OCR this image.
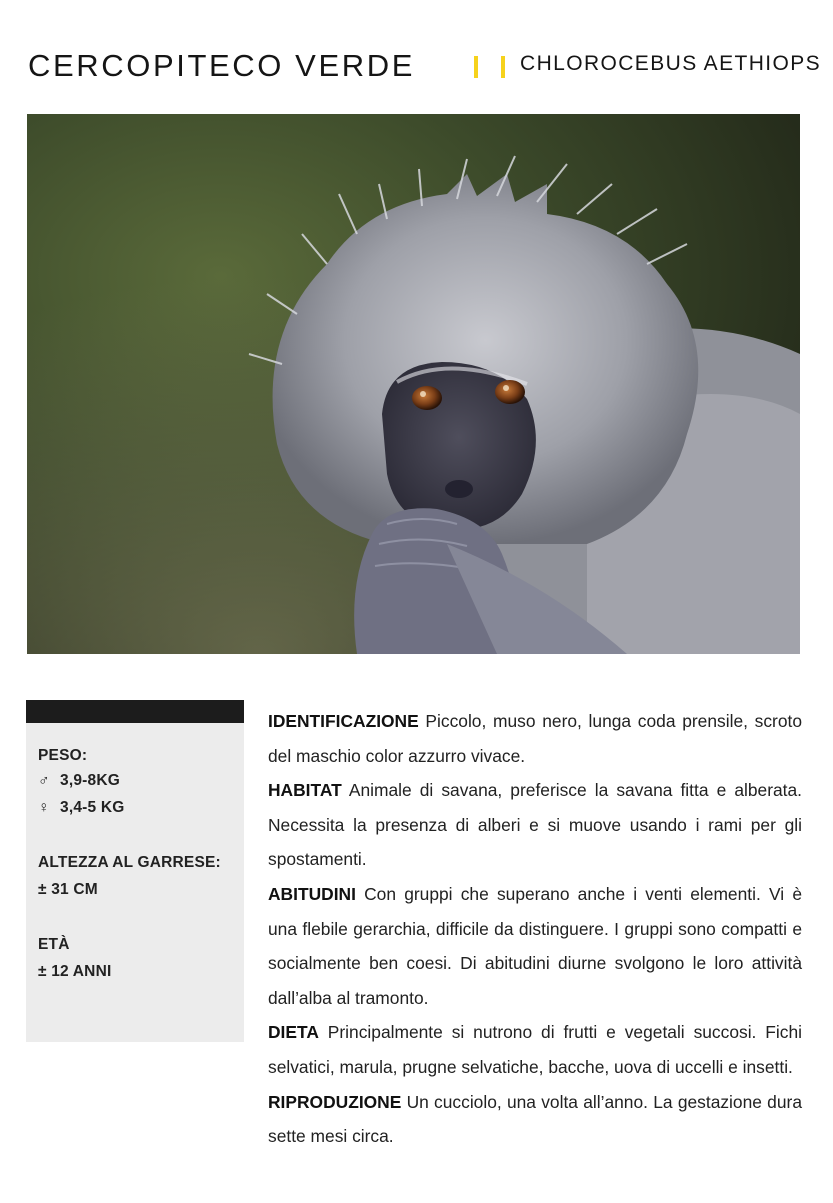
CERCOPITECO VERDE	CHLOROCEBUS AETHIOPS
PESO:
♂ 3,9-8KG
♀ 3,4-5 KG
ALTEZZA AL GARRESE:
± 31 CM
ETÀ
± 12 ANNI

IDENTIFICAZIONE Piccolo, muso nero, lunga coda prensile, scroto del maschio color azzurro vivace.

HABITAT Animale di savana, preferisce la savana fitta e alberata. Necessita la presenza di alberi e si muove usando i rami per gli spostamenti.

ABITUDINI Con gruppi che superano anche i venti elementi. Vi è una flebile gerarchia, difficile da distinguere. I gruppi sono compatti e socialmente ben coesi. Di abitudini diurne svolgono le loro attività dall’alba al tramonto.

DIETA Principalmente si nutrono di frutti e vegetali succosi. Fichi selvatici, marula, prugne selvatiche, bacche, uova di uccelli e insetti.

RIPRODUZIONE Un cucciolo, una volta all’anno. La gestazione dura sette mesi circa.
